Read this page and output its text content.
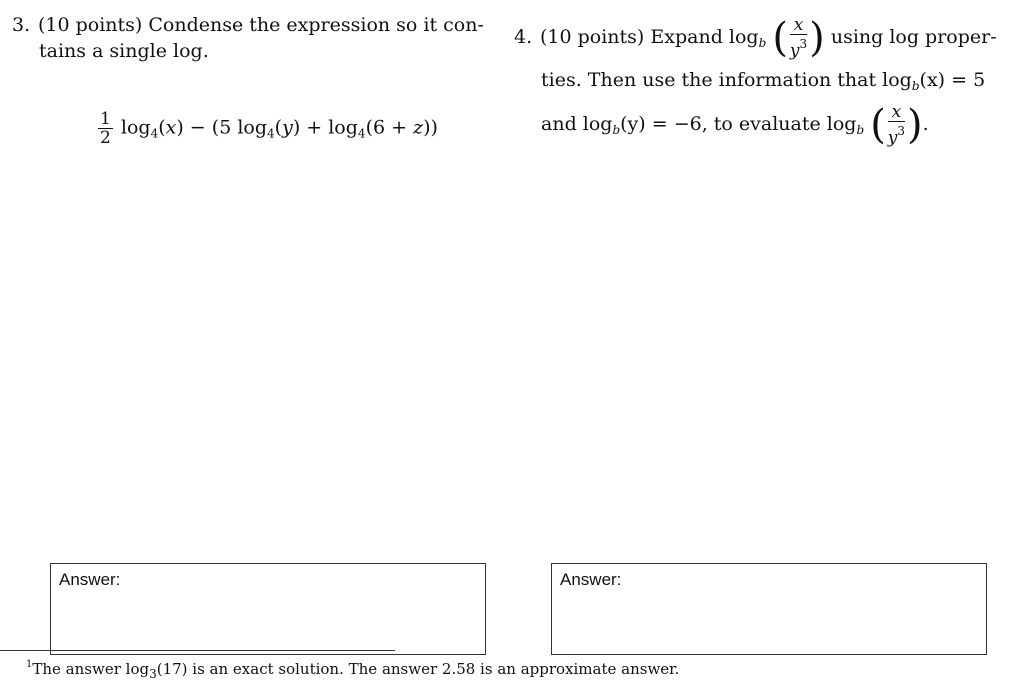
3. (10 points) Condense the expression so it con-
tains a single log.
$\frac{1}{2} \log_4(x) - (5$ $\log_4(y) + \log_4(6 + z)$)
4. (10 points) Expand $\log_b$ ( $\frac{x}{y^3}$ ) using log proper-
ties. Then use the information that $\log_b(x) = 5$
and $\log_b(y) = -6$, to evaluate $\log_b$ ( $\frac{x}{y^3}$ ).
Answer:	Answer:
$^1$The answer $\log_3(17)$ is an exact solution. The answer 2.58 is an approximate answer.
